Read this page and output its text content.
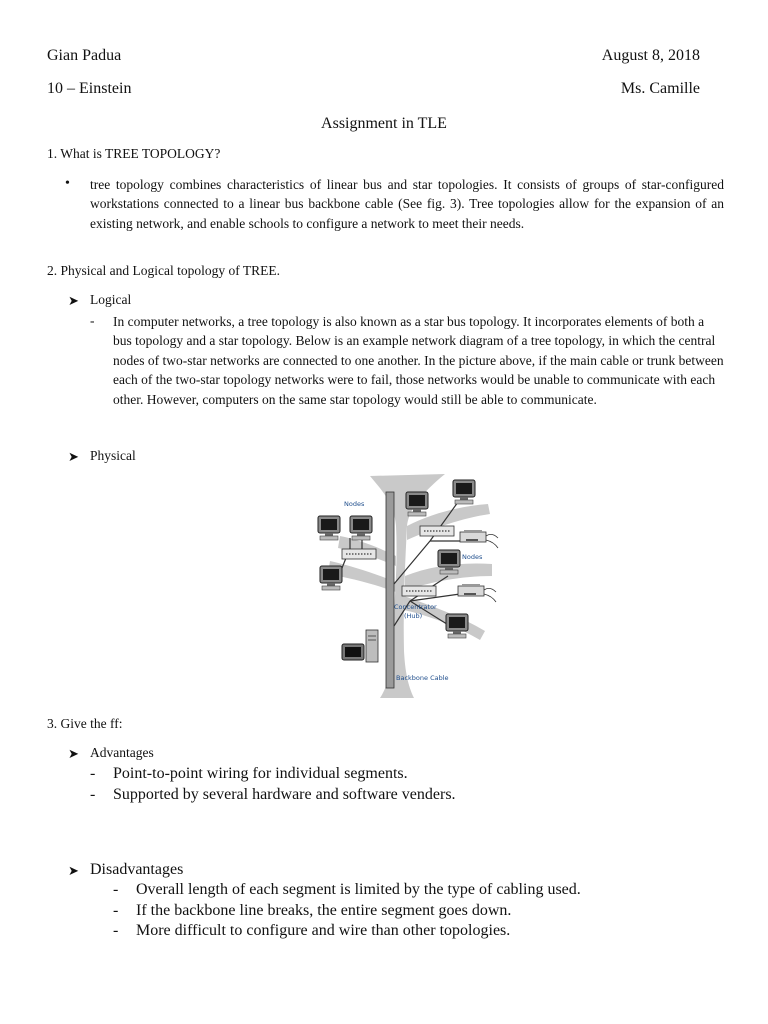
Gian Padua	August 8, 2018
10 – Einstein	Ms. Camille
Assignment in TLE
1. What is TREE TOPOLOGY?
• tree topology combines characteristics of linear bus and star topologies. It consists of groups of star-configured workstations connected to a linear bus backbone cable (See fig. 3). Tree topologies allow for the expansion of an existing network, and enable schools to configure a network to meet their needs.
2. Physical and Logical topology of TREE.
➤ Logical
- In computer networks, a tree topology is also known as a star bus topology. It incorporates elements of both a bus topology and a star topology. Below is an example network diagram of a tree topology, in which the central nodes of two-star networks are connected to one another. In the picture above, if the main cable or trunk between each of the two-star topology networks were to fail, those networks would be unable to communicate with each other. However, computers on the same star topology would still be able to communicate.
➤ Physical
Nodes
Nodes
Concentrator
(Hub)
Backbone Cable
3. Give the ff:
➤ Advantages
-	Point-to-point wiring for individual segments.
-	Supported by several hardware and software venders.
➤ Disadvantages
-	Overall length of each segment is limited by the type of cabling used.
-	If the backbone line breaks, the entire segment goes down.
-	More difficult to configure and wire than other topologies.
